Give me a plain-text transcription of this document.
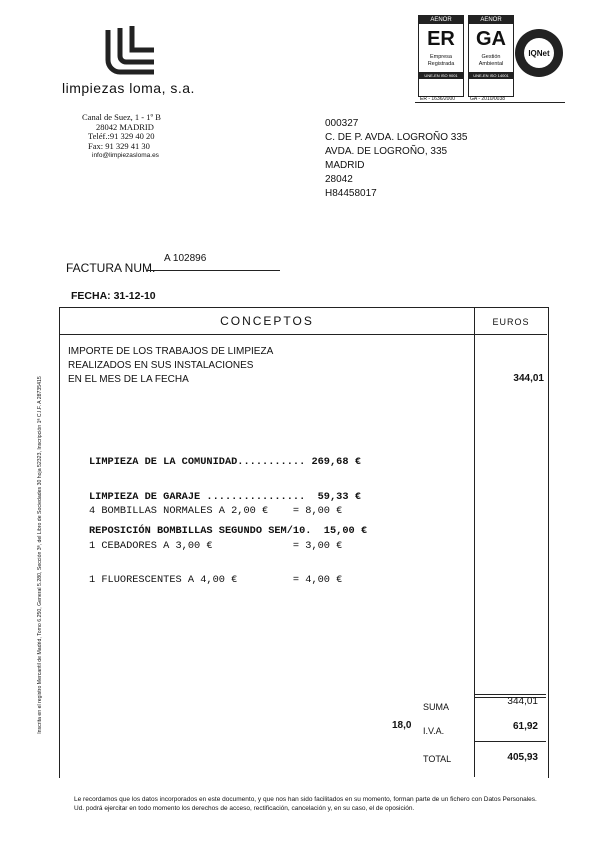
limpiezas loma, s.a.
AENOR
ER
Empresa
Registrada
UNE-EN ISO 9001
ER - 1636/2000
AENOR
GA
Gestión
Ambiental
UNE-EN ISO 14001
GA - 2010/0038
IQNet
Canal de Suez, 1 - 1º B
28042 MADRID
Teléf.:91 329 40 20
Fax: 91 329 41 30
info@limpiezasloma.es
000327
C. DE P. AVDA. LOGROÑO 335
AVDA. DE LOGROÑO, 335
MADRID
28042
H84458017
FACTURA NUM.
A 102896
FECHA: 31-12-10
CONCEPTOS	EUROS
IMPORTE DE LOS TRABAJOS DE LIMPIEZA
REALIZADOS EN SUS INSTALACIONES
EN EL MES DE LA FECHA	344,01

LIMPIEZA DE LA COMUNIDAD........... 269,68 €

LIMPIEZA DE GARAJE ................  59,33 €

REPOSICIÓN BOMBILLAS SEGUNDO SEM/10.  15,00 €

4 BOMBILLAS NORMALES A 2,00 €    = 8,00 €

1 CEBADORES A 3,00 €             = 3,00 €

1 FLUORESCENTES A 4,00 €         = 4,00 €

SUMA	344,01
18,0 I.V.A.	61,92
TOTAL	405,93
Inscrita en el registro Mercantil de Madrid, Tomo 6.250, General 5.280, Sección 3ª, del Libro de Sociedades 30 hoja 52323, Inscripción 1ª C.I.F. A 28735415
Le recordamos que los datos incorporados en este documento, y que nos han sido facilitados en su momento, forman parte de un fichero con Datos Personales. Ud. podrá ejercitar en todo momento los derechos de acceso, rectificación, cancelación y, en su caso, el de oposición.
